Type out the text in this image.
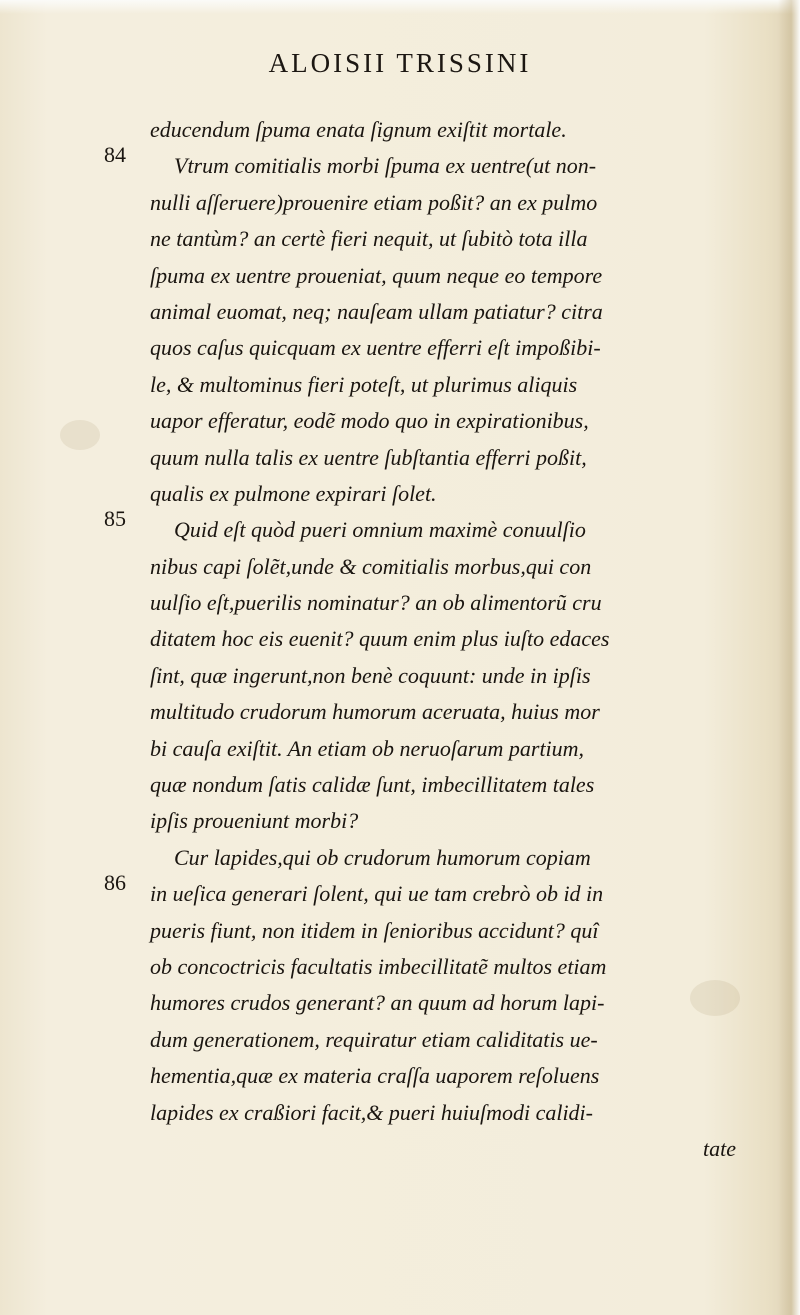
ALOISII TRISSINI
84
85
86
educendum ſpuma enata ſignum exiſtit mortale.
Vtrum comitialis morbi ſpuma ex uentre(ut non-
nulli aſſeruere)prouenire etiam poßit? an ex pulmo
ne tantùm? an certè fieri nequit, ut ſubitò tota illa
ſpuma ex uentre proueniat, quum neque eo tempore
animal euomat, neq; nauſeam ullam patiatur? citra
quos caſus quicquam ex uentre efferri eſt impoßibi-
le, & multominus fieri poteſt, ut plurimus aliquis
uapor efferatur, eodẽ modo quo in expirationibus,
quum nulla talis ex uentre ſubſtantia efferri poßit,
qualis ex pulmone expirari ſolet.
Quid eſt quòd pueri omnium maximè conuulſio
nibus capi ſolẽt,unde & comitialis morbus,qui con
uulſio eſt,puerilis nominatur? an ob alimentorũ cru
ditatem hoc eis euenit? quum enim plus iuſto edaces
ſint, quæ ingerunt,non benè coquunt: unde in ipſis
multitudo crudorum humorum aceruata, huius mor
bi cauſa exiſtit. An etiam ob neruoſarum partium,
quæ nondum ſatis calidæ ſunt, imbecillitatem tales
ipſis proueniunt morbi?
Cur lapides,qui ob crudorum humorum copiam
in ueſica generari ſolent, qui ue tam crebrò ob id in
pueris fiunt, non itidem in ſenioribus accidunt? quî
ob concoctricis facultatis imbecillitatẽ multos etiam
humores crudos generant? an quum ad horum lapi-
dum generationem, requiratur etiam caliditatis ue-
hementia,quæ ex materia craſſa uaporem reſoluens
lapides ex craßiori facit,& pueri huiuſmodi calidi-
tate
